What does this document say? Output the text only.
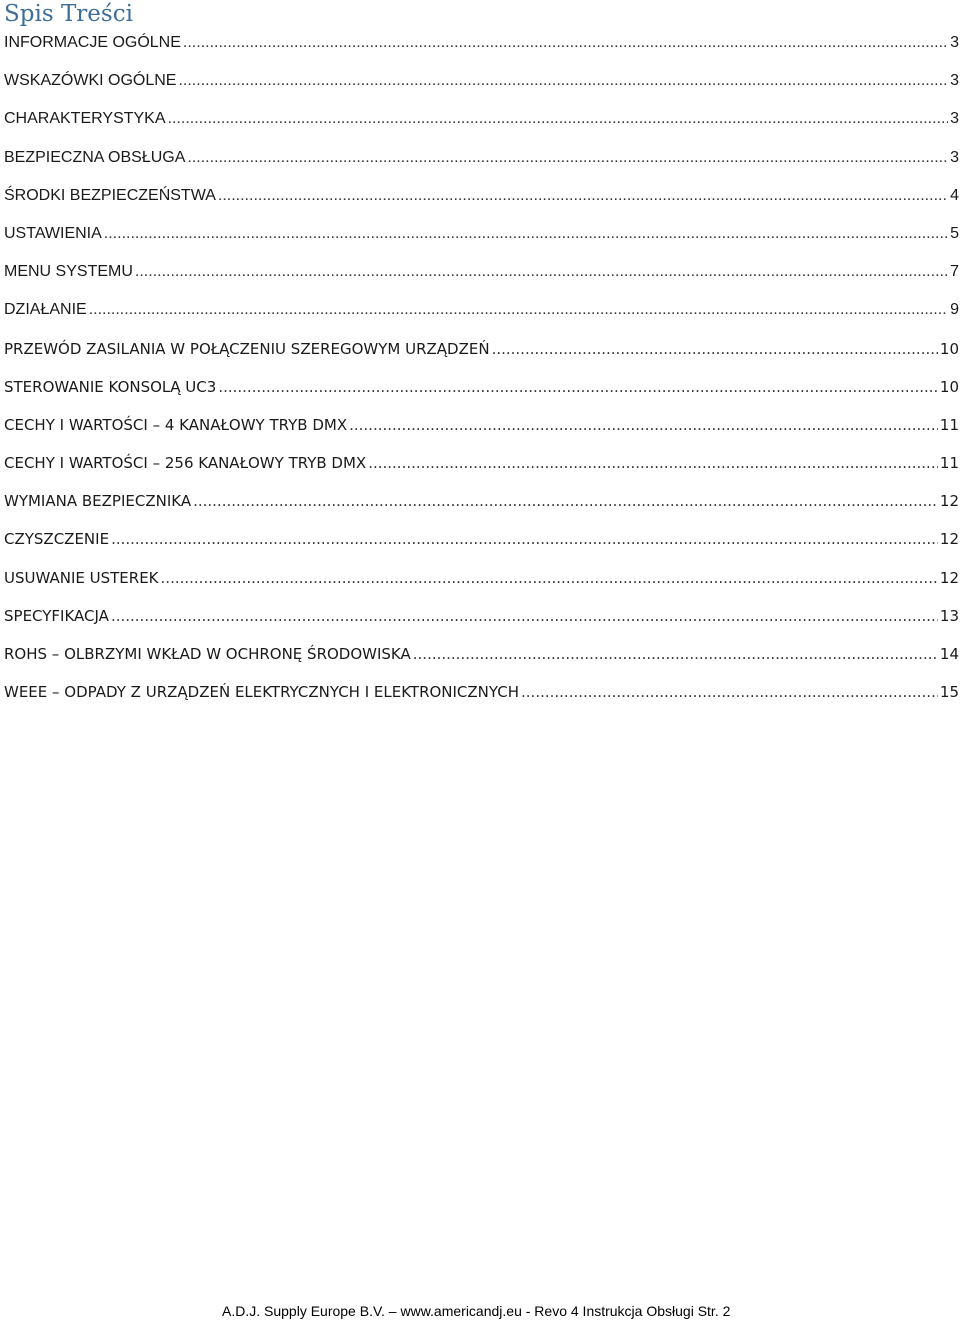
Spis Treści
INFORMACJE OGÓLNE .....	3
WSKAZÓWKI OGÓLNE .....	3
CHARAKTERYSTYKA .....	3
BEZPIECZNA OBSŁUGA .....	3
ŚRODKI BEZPIECZEŃSTWA .....	4
USTAWIENIA .....	5
MENU SYSTEMU .....	7
DZIAŁANIE .....	9
PRZEWÓD ZASILANIA W POŁĄCZENIU SZEREGOWYM URZĄDZEŃ .....	10
STEROWANIE KONSOLĄ UC3 .....	10
CECHY I WARTOŚCI – 4 KANAŁOWY TRYB DMX .....	11
CECHY I WARTOŚCI – 256 KANAŁOWY TRYB DMX .....	11
WYMIANA BEZPIECZNIKA .....	12
CZYSZCZENIE .....	12
USUWANIE USTEREK .....	12
SPECYFIKACJA .....	13
ROHS – OLBRZYMI WKŁAD W OCHRONĘ ŚRODOWISKA .....	14
WEEE – ODPADY Z URZĄDZEŃ ELEKTRYCZNYCH I ELEKTRONICZNYCH .....	15
A.D.J. Supply Europe B.V. – www.americandj.eu - Revo 4 Instrukcja Obsługi Str. 2
